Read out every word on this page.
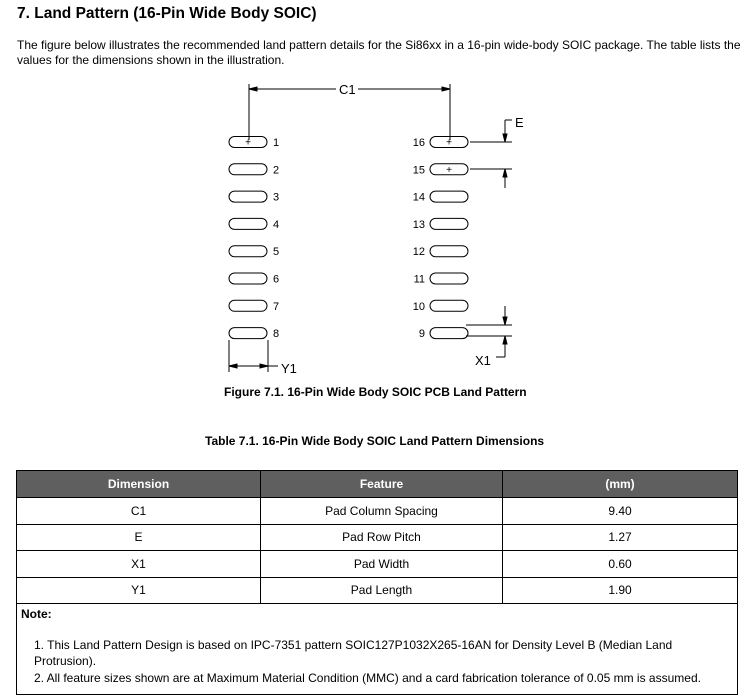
7. Land Pattern (16-Pin Wide Body SOIC)
The figure below illustrates the recommended land pattern details for the Si86xx in a 16-pin wide-body SOIC package. The table lists the values for the dimensions shown in the illustration.
+	+
+
C1
E
X1
Y1
1
2
3
4
5
6
7
8
16
15
14
13
12
11
10
9
Figure 7.1. 16-Pin Wide Body SOIC PCB Land Pattern
Table 7.1. 16-Pin Wide Body SOIC Land Pattern Dimensions
Dimension	Feature	(mm)
C1	Pad Column Spacing	9.40
E	Pad Row Pitch	1.27
X1	Pad Width	0.60
Y1	Pad Length	1.90

Note:
1. This Land Pattern Design is based on IPC-7351 pattern SOIC127P1032X265-16AN for Density Level B (Median Land Protrusion).
2. All feature sizes shown are at Maximum Material Condition (MMC) and a card fabrication tolerance of 0.05 mm is assumed.		
